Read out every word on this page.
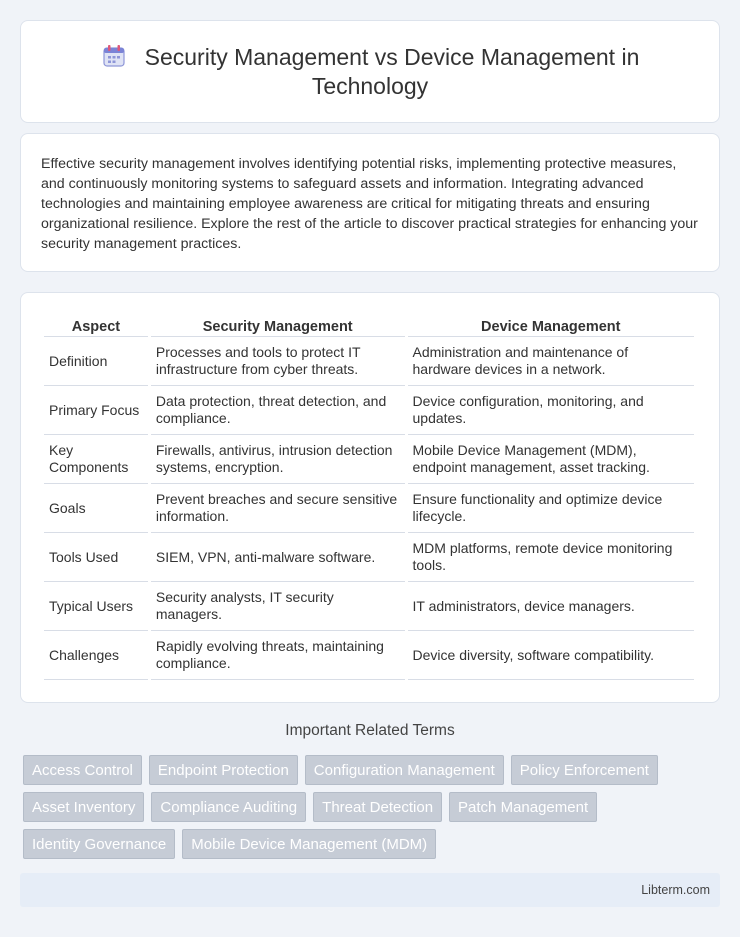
Security Management vs Device Management in Technology

Effective security management involves identifying potential risks, implementing protective measures, and continuously monitoring systems to safeguard assets and information. Integrating advanced technologies and maintaining employee awareness are critical for mitigating threats and ensuring organizational resilience. Explore the rest of the article to discover practical strategies for enhancing your security management practices.

Aspect	Security Management	Device Management
Definition	Processes and tools to protect IT infrastructure from cyber threats.	Administration and maintenance of hardware devices in a network.
Primary Focus	Data protection, threat detection, and compliance.	Device configuration, monitoring, and updates.
Key Components	Firewalls, antivirus, intrusion detection systems, encryption.	Mobile Device Management (MDM), endpoint management, asset tracking.
Goals	Prevent breaches and secure sensitive information.	Ensure functionality and optimize device lifecycle.
Tools Used	SIEM, VPN, anti-malware software.	MDM platforms, remote device monitoring tools.
Typical Users	Security analysts, IT security managers.	IT administrators, device managers.
Challenges	Rapidly evolving threats, maintaining compliance.	Device diversity, software compatibility.
Important Related Terms
Access Control	Endpoint Protection	Configuration Management	Policy Enforcement
Asset Inventory	Compliance Auditing	Threat Detection	Patch Management
Identity Governance	Mobile Device Management (MDM)
Libterm.com
